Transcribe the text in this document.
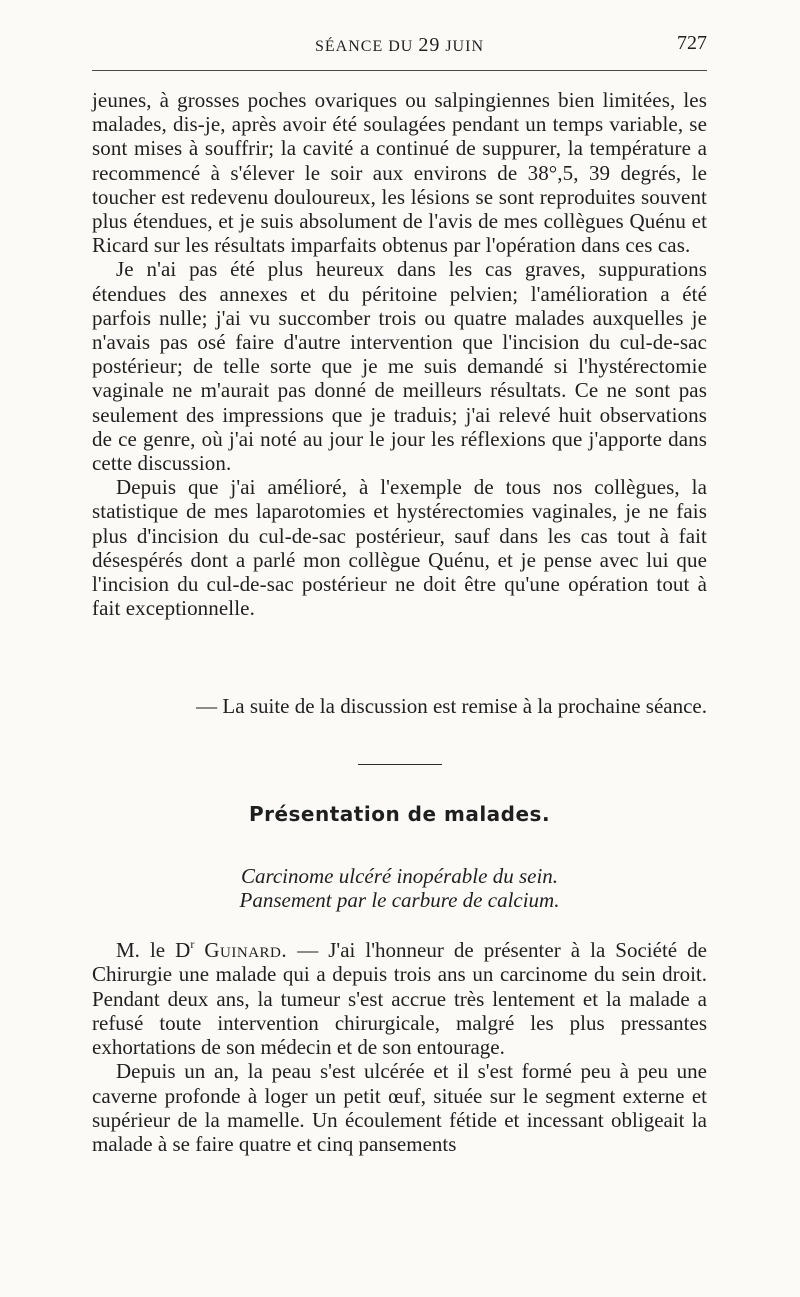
SÉANCE DU 29 JUIN	727

jeunes, à grosses poches ovariques ou salpingiennes bien limitées, les malades, dis-je, après avoir été soulagées pendant un temps variable, se sont mises à souffrir; la cavité a continué de suppurer, la température a recommencé à s'élever le soir aux environs de 38°,5, 39 degrés, le toucher est redevenu douloureux, les lésions se sont reproduites souvent plus étendues, et je suis absolument de l'avis de mes collègues Quénu et Ricard sur les résultats imparfaits obtenus par l'opération dans ces cas.

Je n'ai pas été plus heureux dans les cas graves, suppurations étendues des annexes et du péritoine pelvien; l'amélioration a été parfois nulle; j'ai vu succomber trois ou quatre malades auxquelles je n'avais pas osé faire d'autre intervention que l'incision du cul-de-sac postérieur; de telle sorte que je me suis demandé si l'hystérectomie vaginale ne m'aurait pas donné de meilleurs résultats. Ce ne sont pas seulement des impressions que je traduis; j'ai relevé huit observations de ce genre, où j'ai noté au jour le jour les réflexions que j'apporte dans cette discussion.

Depuis que j'ai amélioré, à l'exemple de tous nos collègues, la statistique de mes laparotomies et hystérectomies vaginales, je ne fais plus d'incision du cul-de-sac postérieur, sauf dans les cas tout à fait désespérés dont a parlé mon collègue Quénu, et je pense avec lui que l'incision du cul-de-sac postérieur ne doit être qu'une opération tout à fait exceptionnelle.

— La suite de la discussion est remise à la prochaine séance.
Présentation de malades.
Carcinome ulcéré inopérable du sein.
Pansement par le carbure de calcium.

M. le $D^r$ Guinard. — J'ai l'honneur de présenter à la Société de Chirurgie une malade qui a depuis trois ans un carcinome du sein droit. Pendant deux ans, la tumeur s'est accrue très lentement et la malade a refusé toute intervention chirurgicale, malgré les plus pressantes exhortations de son médecin et de son entourage.

Depuis un an, la peau s'est ulcérée et il s'est formé peu à peu une caverne profonde à loger un petit œuf, située sur le segment externe et supérieur de la mamelle. Un écoulement fétide et incessant obligeait la malade à se faire quatre et cinq pansements
